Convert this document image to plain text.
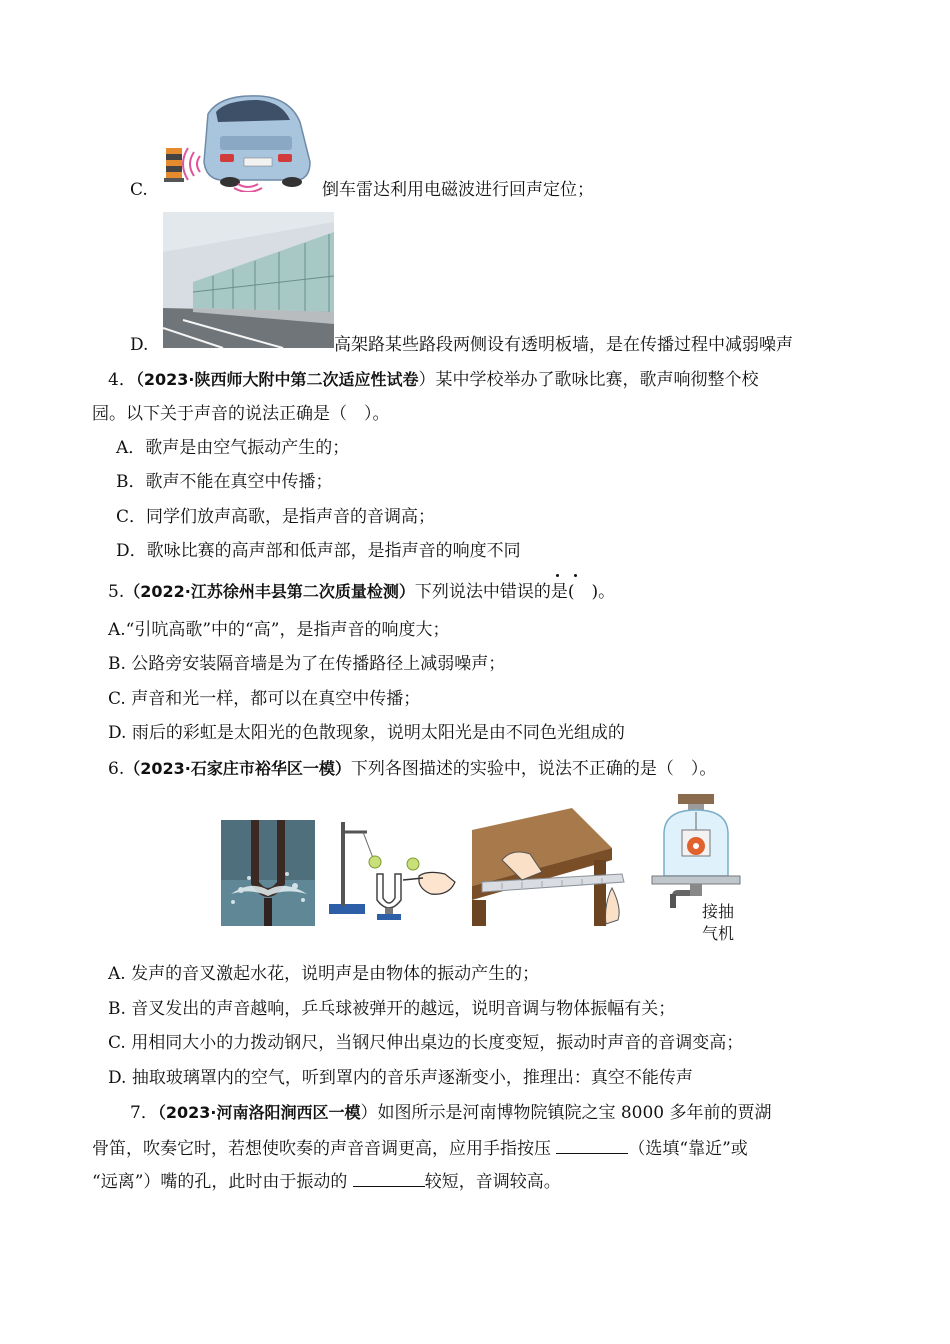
C.	倒车雷达利用电磁波进行回声定位；
D.	高架路某些路段两侧设有透明板墙，是在传播过程中减弱噪声
4．（2023·陕西师大附中第二次适应性试卷）某中学校举办了歌咏比赛，歌声响彻整个校
园。以下关于声音的说法正确是（　）。
A．歌声是由空气振动产生的；
B．歌声不能在真空中传播；
C．同学们放声高歌，是指声音的音调高；
D．歌咏比赛的高声部和低声部，是指声音的响度不同
5.（2022·江苏徐州丰县第二次质量检测）下列说法中错误的是(　)。
A.“引吭高歌”中的“高”，是指声音的响度大；
B. 公路旁安装隔音墙是为了在传播路径上减弱噪声；
C. 声音和光一样，都可以在真空中传播；
D. 雨后的彩虹是太阳光的色散现象，说明太阳光是由不同色光组成的
6.（2023·石家庄市裕华区一模）下列各图描述的实验中，说法不正确的是（　）。
接抽
气机
A. 发声的音叉激起水花，说明声是由物体的振动产生的；
B. 音叉发出的声音越响，乒乓球被弹开的越远，说明音调与物体振幅有关；
C. 用相同大小的力拨动钢尺，当钢尺伸出桌边的长度变短，振动时声音的音调变高；
D. 抽取玻璃罩内的空气，听到罩内的音乐声逐渐变小，推理出：真空不能传声
7．（2023·河南洛阳涧西区一模）如图所示是河南博物院镇院之宝 8000 多年前的贾湖
骨笛，吹奏它时，若想使吹奏的声音音调更高，应用手指按压	（选填“靠近”或
“远离”）嘴的孔，此时由于振动的	较短，音调较高。
